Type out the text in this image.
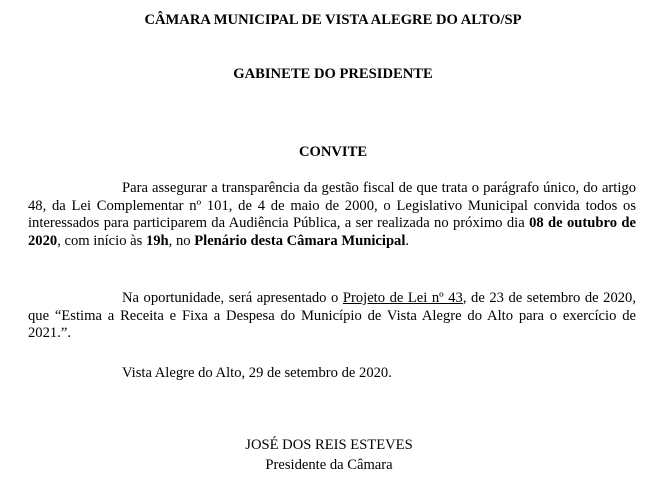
CÂMARA MUNICIPAL DE VISTA ALEGRE DO ALTO/SP
GABINETE DO PRESIDENTE
CONVITE
Para assegurar a transparência da gestão fiscal de que trata o parágrafo único, do artigo 48, da Lei Complementar nº 101, de 4 de maio de 2000, o Legislativo Municipal convida todos os interessados para participarem da Audiência Pública, a ser realizada no próximo dia 08 de outubro de 2020, com início às 19h, no Plenário desta Câmara Municipal.
Na oportunidade, será apresentado o Projeto de Lei nº 43, de 23 de setembro de 2020, que “Estima a Receita e Fixa a Despesa do Município de Vista Alegre do Alto para o exercício de 2021.”.
Vista Alegre do Alto, 29 de setembro de 2020.
JOSÉ DOS REIS ESTEVES
Presidente da Câmara
